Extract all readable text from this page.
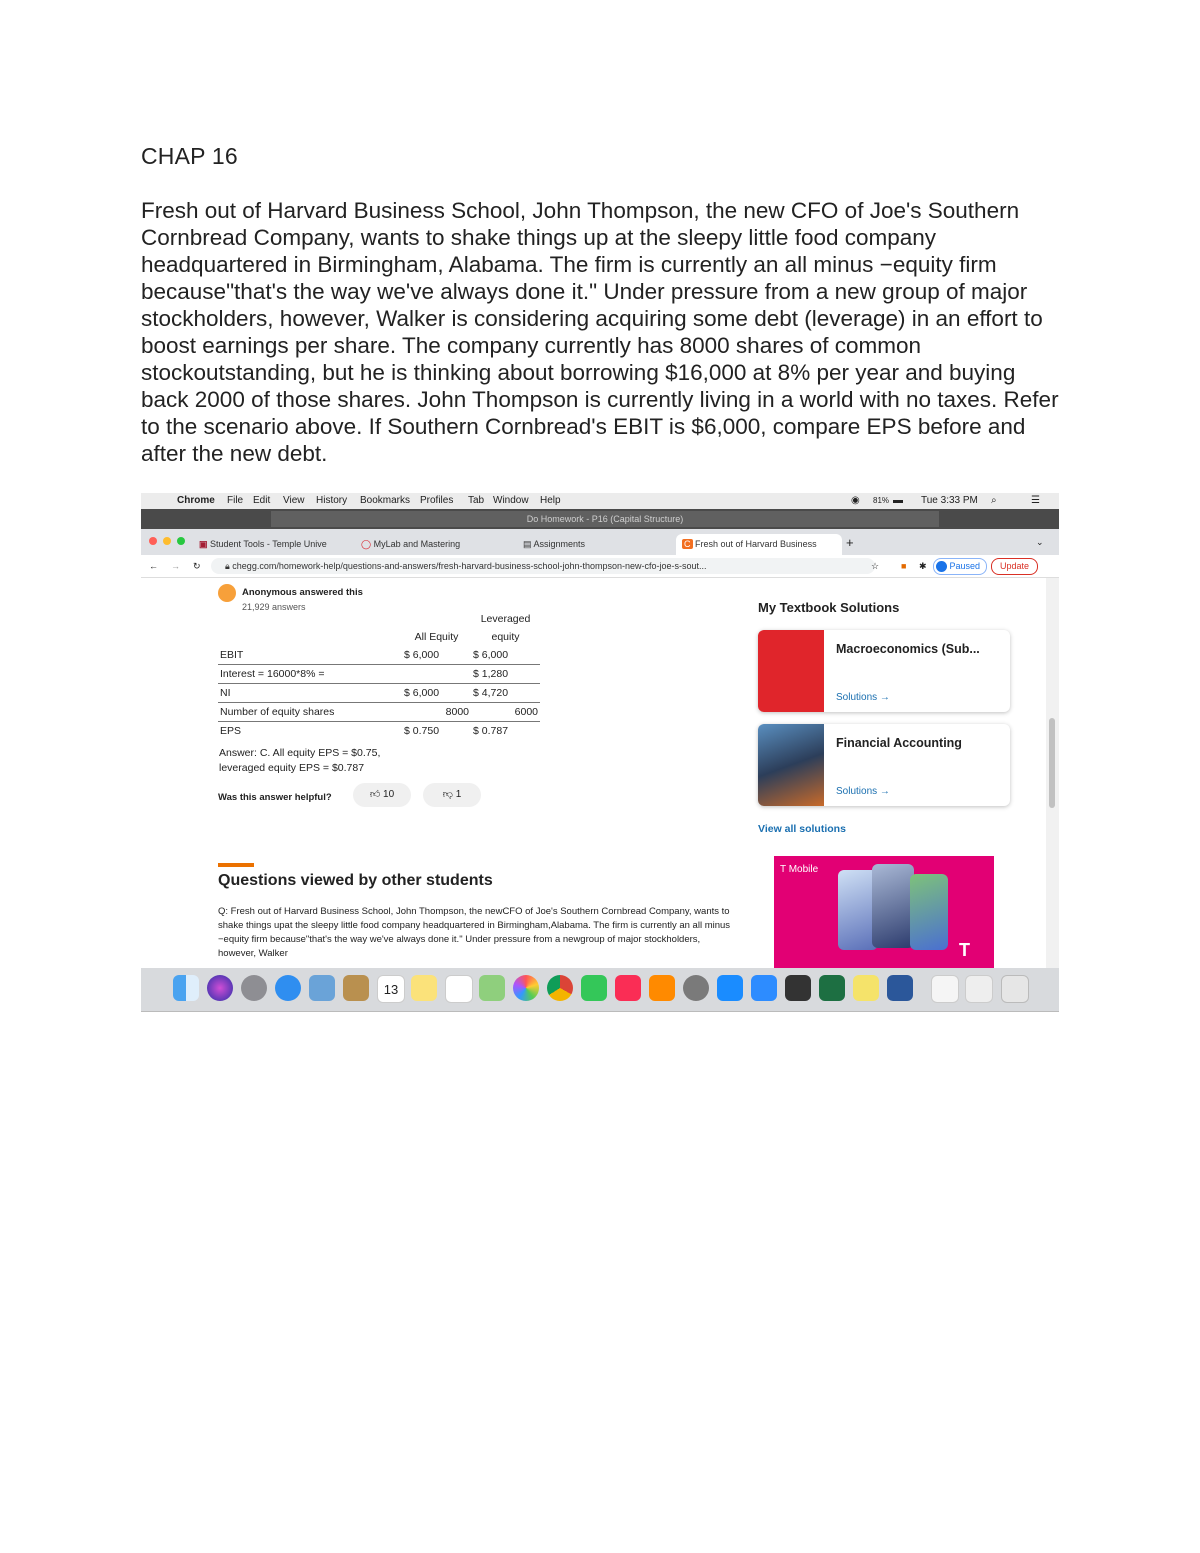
CHAP 16
Fresh out of Harvard Business School, John Thompson, the new CFO of Joe's Southern Cornbread Company, wants to shake things up at the sleepy little food company headquartered in Birmingham, Alabama. The firm is currently an all minus −equity firm because"that's the way we've always done it." Under pressure from a new group of major stockholders, however, Walker is considering acquiring some debt (leverage) in an effort to boost earnings per share. The company currently has 8000 shares of common stockoutstanding, but he is thinking about borrowing $16,000 at 8% per year and buying back 2000 of those shares. John Thompson is currently living in a world with no taxes. Refer to the scenario above. If Southern Cornbread's EBIT is $6,000, compare EPS before and after the new debt.
Chrome File Edit View History Bookmarks Profiles Tab Window Help	◉ 81% ▬ Tue 3:33 PM ⌕	☰
Do Homework - P16 (Capital Structure)
▣ Student Tools - Temple Unive	◯ MyLab and Mastering	▤ Assignments	C Fresh out of Harvard Business	+	⌄
← → ↻	🔒︎ chegg.com/homework-help/questions-and-answers/fresh-harvard-business-school-john-thompson-new-cfo-joe-s-sout...	☆ ■ ✱	Paused	Update
Anonymous answered this
21,929 answers
		Leveraged
	All Equity	equity
EBIT	$ 6,000	$ 6,000
Interest = 16000*8% =		$ 1,280
NI	$ 6,000	$ 4,720
Number of equity shares	8000	6000
EPS	$ 0.750	$ 0.787
Answer: C. All equity EPS = $0.75,
leveraged equity EPS = $0.787
Was this answer helpful?	👍︎ 10	👎︎ 1
Questions viewed by other students
Q: Fresh out of Harvard Business School, John Thompson, the newCFO of Joe's Southern Cornbread Company, wants to shake things upat the sleepy little food company headquartered in Birmingham,Alabama. The firm is currently an all minus −equity firm because"that's the way we've always done it." Under pressure from a newgroup of major stockholders, however, Walker
My Textbook Solutions
Macroeconomics (Sub...
Solutions →
Financial Accounting
Solutions →
View all solutions
T Mobile
T
13
